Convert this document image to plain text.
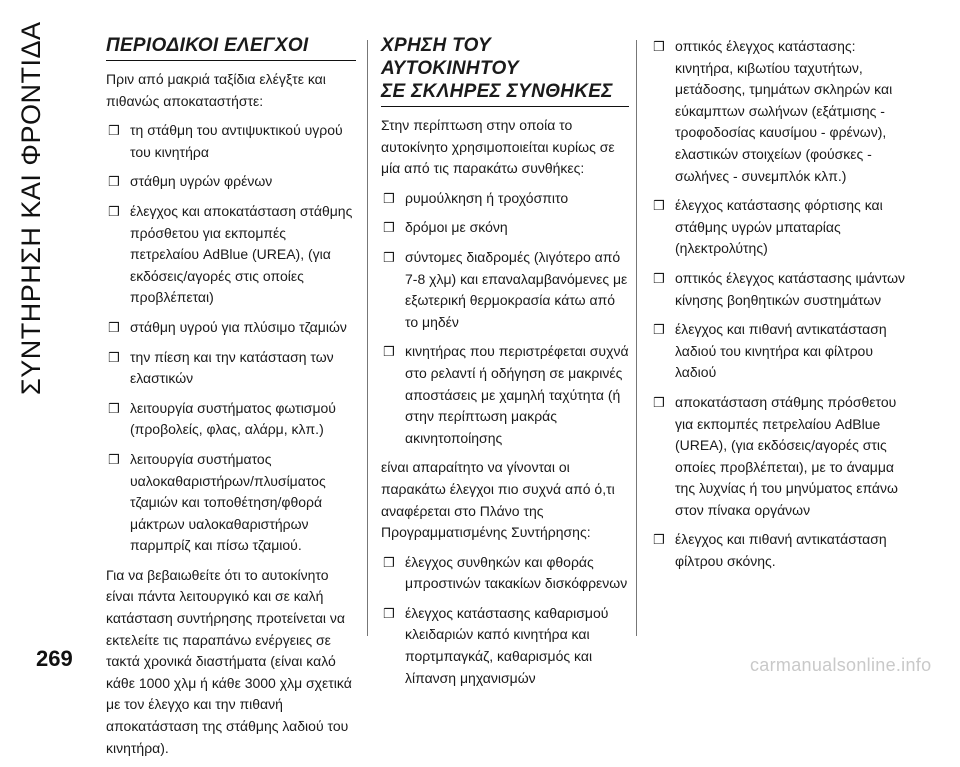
ΣΥΝΤΗΡΗΣΗ ΚΑΙ ΦΡΟΝΤΙΔΑ	ΠΕΡΙΟΔΙΚΟΙ ΕΛΕΓΧΟΙ

Πριν από μακριά ταξίδια ελέγξτε και πιθανώς αποκαταστήστε:

❒ τη στάθμη του αντιψυκτικού υγρού του κινητήρα
❒ στάθμη υγρών φρένων
❒ έλεγχος και αποκατάσταση στάθμης πρόσθετου για εκπομπές πετρελαίου AdBlue (UREA), (για εκδόσεις/αγορές στις οποίες προβλέπεται)
❒ στάθμη υγρού για πλύσιμο τζαμιών
❒ την πίεση και την κατάσταση των ελαστικών
❒ λειτουργία συστήματος φωτισμού (προβολείς, φλας, αλάρμ, κλπ.)
❒ λειτουργία συστήματος υαλοκαθαριστήρων/πλυσίματος τζαμιών και τοποθέτηση/φθορά μάκτρων υαλοκαθαριστήρων παρμπρίζ και πίσω τζαμιού.

Για να βεβαιωθείτε ότι το αυτοκίνητο είναι πάντα λειτουργικό και σε καλή κατάσταση συντήρησης προτείνεται να εκτελείτε τις παραπάνω ενέργειες σε τακτά χρονικά διαστήματα (είναι καλό κάθε 1000 χλμ ή κάθε 3000 χλμ σχετικά με τον έλεγχο και την πιθανή αποκατάσταση της στάθμης λαδιού του κινητήρα).

ΧΡΗΣΗ ΤΟΥ ΑΥΤΟΚΙΝΗΤΟΥ
ΣΕ ΣΚΛΗΡΕΣ ΣΥΝΘΗΚΕΣ

Στην περίπτωση στην οποία το αυτοκίνητο χρησιμοποιείται κυρίως σε μία από τις παρακάτω συνθήκες:

❒ ρυμούλκηση ή τροχόσπιτο
❒ δρόμοι με σκόνη
❒ σύντομες διαδρομές (λιγότερο από 7-8 χλμ) και επαναλαμβανόμενες με εξωτερική θερμοκρασία κάτω από το μηδέν
❒ κινητήρας που περιστρέφεται συχνά στο ρελαντί ή οδήγηση σε μακρινές αποστάσεις με χαμηλή ταχύτητα (ή στην περίπτωση μακράς ακινητοποίησης

είναι απαραίτητο να γίνονται οι παρακάτω έλεγχοι πιο συχνά από ό,τι αναφέρεται στο Πλάνο της Προγραμματισμένης Συντήρησης:

❒ έλεγχος συνθηκών και φθοράς μπροστινών τακακίων δισκόφρενων
❒ έλεγχος κατάστασης καθαρισμού κλειδαριών καπό κινητήρα και πορτμπαγκάζ, καθαρισμός και λίπανση μηχανισμών
❒ οπτικός έλεγχος κατάστασης: κινητήρα, κιβωτίου ταχυτήτων, μετάδοσης, τμημάτων σκληρών και εύκαμπτων σωλήνων (εξάτμισης - τροφοδοσίας καυσίμου - φρένων), ελαστικών στοιχείων (φούσκες - σωλήνες - συνεμπλόκ κλπ.)
❒ έλεγχος κατάστασης φόρτισης και στάθμης υγρών μπαταρίας (ηλεκτρολύτης)
❒ οπτικός έλεγχος κατάστασης ιμάντων κίνησης βοηθητικών συστημάτων
❒ έλεγχος και πιθανή αντικατάσταση λαδιού του κινητήρα και φίλτρου λαδιού
❒ αποκατάσταση στάθμης πρόσθετου για εκπομπές πετρελαίου AdBlue (UREA), (για εκδόσεις/αγορές στις οποίες προβλέπεται), με το άναμμα της λυχνίας ή του μηνύματος επάνω στον πίνακα οργάνων
❒ έλεγχος και πιθανή αντικατάσταση φίλτρου σκόνης.
269	carmanualsonline.info
